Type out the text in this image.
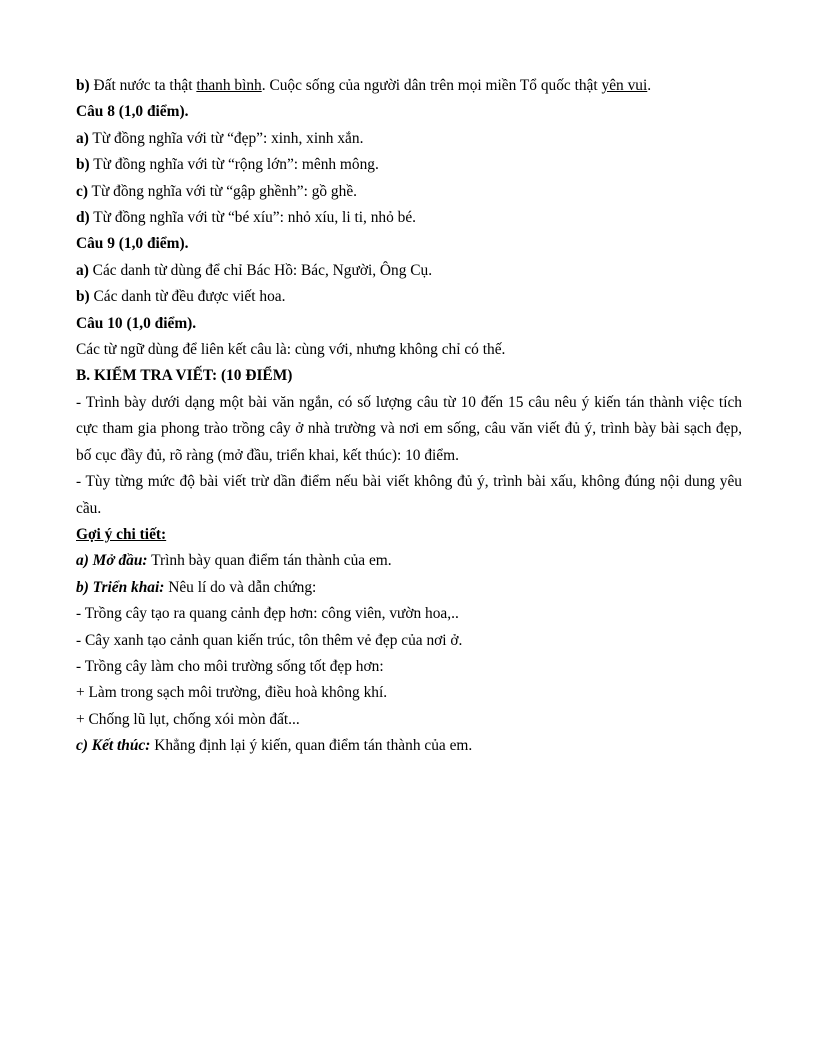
b) Đất nước ta thật thanh bình. Cuộc sống của người dân trên mọi miền Tổ quốc thật yên vui.
Câu 8 (1,0 điểm).
a) Từ đồng nghĩa với từ “đẹp”: xinh, xinh xắn.
b) Từ đồng nghĩa với từ “rộng lớn”: mênh mông.
c) Từ đồng nghĩa với từ “gập ghềnh”: gồ ghề.
d) Từ đồng nghĩa với từ “bé xíu”: nhỏ xíu, li ti, nhỏ bé.
Câu 9 (1,0 điểm).
a) Các danh từ dùng để chỉ Bác Hồ: Bác, Người, Ông Cụ.
b) Các danh từ đều được viết hoa.
Câu 10 (1,0 điểm).
Các từ ngữ dùng để liên kết câu là: cùng với, nhưng không chỉ có thế.
B. KIỂM TRA VIẾT: (10 ĐIỂM)
- Trình bày dưới dạng một bài văn ngắn, có số lượng câu từ 10 đến 15 câu nêu ý kiến tán thành việc tích cực tham gia phong trào trồng cây ở nhà trường và nơi em sống, câu văn viết đủ ý, trình bày bài sạch đẹp, bố cục đầy đủ, rõ ràng (mở đầu, triển khai, kết thúc): 10 điểm.
- Tùy từng mức độ bài viết trừ dần điểm nếu bài viết không đủ ý, trình bài xấu, không đúng nội dung yêu cầu.
Gợi ý chi tiết:
a) Mở đầu: Trình bày quan điểm tán thành của em.
b) Triển khai: Nêu lí do và dẫn chứng:
- Trồng cây tạo ra quang cảnh đẹp hơn: công viên, vườn hoa,..
- Cây xanh tạo cảnh quan kiến trúc, tôn thêm vẻ đẹp của nơi ở.
- Trồng cây làm cho môi trường sống tốt đẹp hơn:
+ Làm trong sạch môi trường, điều hoà không khí.
+ Chống lũ lụt, chống xói mòn đất...
c) Kết thúc: Khẳng định lại ý kiến, quan điểm tán thành của em.
